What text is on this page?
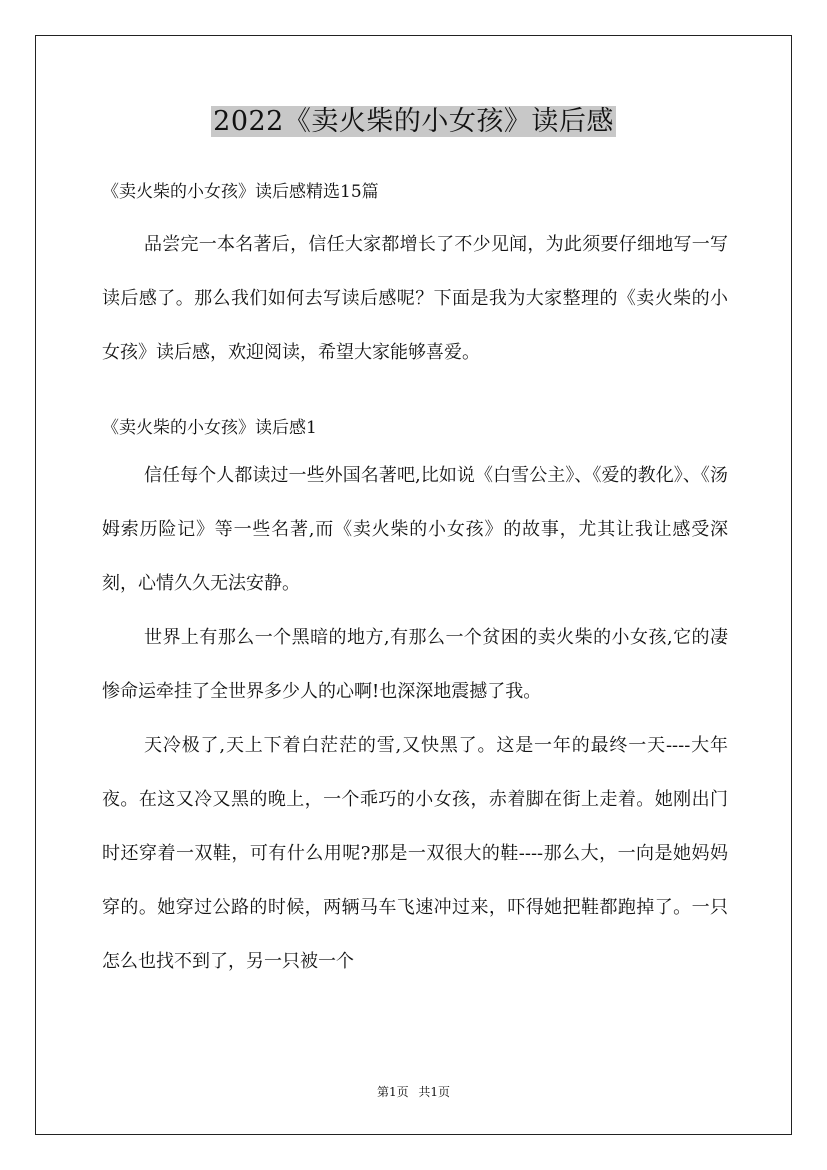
2022《卖火柴的小女孩》读后感

《卖火柴的小女孩》读后感精选15篇

品尝完一本名著后，信任大家都增长了不少见闻，为此须要仔细地写一写读后感了。那么我们如何去写读后感呢？下面是我为大家整理的《卖火柴的小女孩》读后感，欢迎阅读，希望大家能够喜爱。

《卖火柴的小女孩》读后感1

信任每个人都读过一些外国名著吧,比如说《白雪公主》、《爱的教化》、《汤姆索历险记》等一些名著,而《卖火柴的小女孩》的故事，尤其让我让感受深刻，心情久久无法安静。

世界上有那么一个黑暗的地方,有那么一个贫困的卖火柴的小女孩,它的凄惨命运牵挂了全世界多少人的心啊!也深深地震撼了我。

天冷极了,天上下着白茫茫的雪,又快黑了。这是一年的最终一天----大年夜。在这又冷又黑的晚上，一个乖巧的小女孩，赤着脚在街上走着。她刚出门时还穿着一双鞋，可有什么用呢?那是一双很大的鞋----那么大，一向是她妈妈穿的。她穿过公路的时候，两辆马车飞速冲过来，吓得她把鞋都跑掉了。一只怎么也找不到了，另一只被一个

第1页 共1页
